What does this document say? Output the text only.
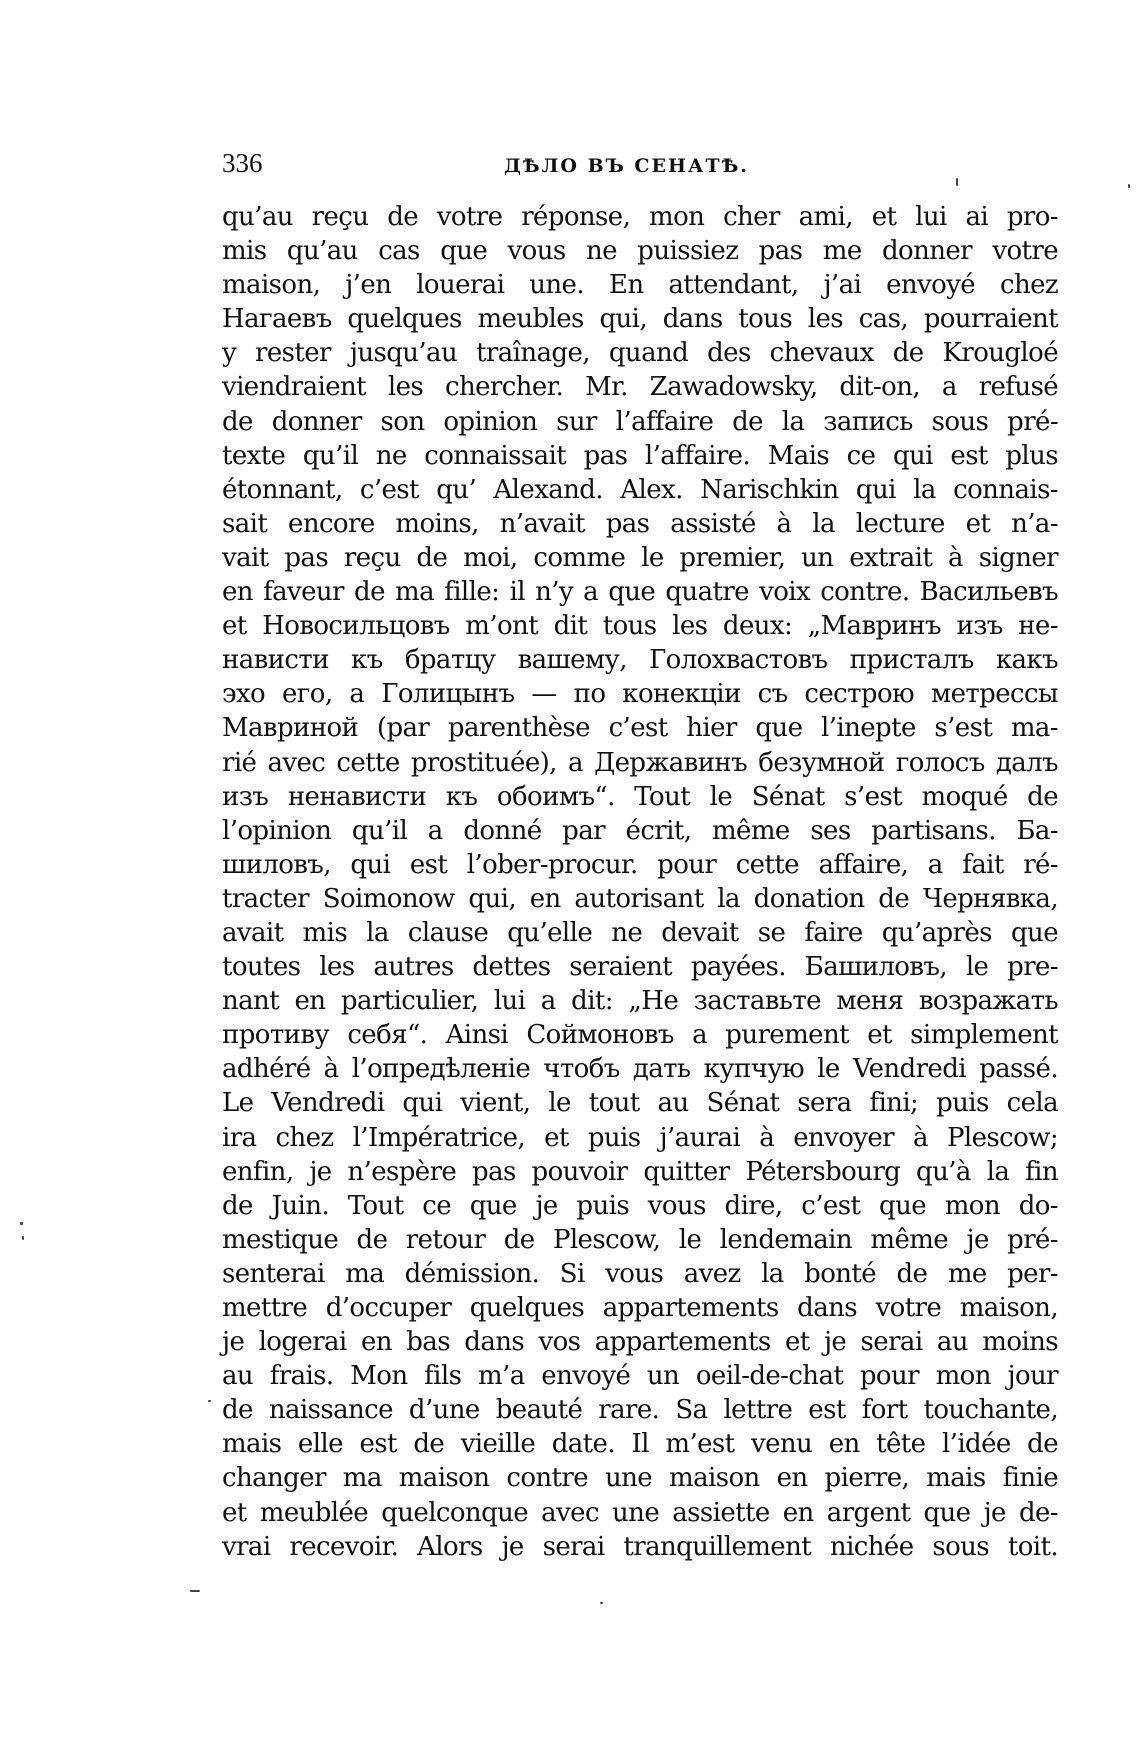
336	ДѢЛО ВЪ СЕНАТѢ.
qu’au reçu de votre réponse, mon cher ami, et lui ai pro-
mis qu’au cas que vous ne puissiez pas me donner votre
maison, j’en louerai une. En attendant, j’ai envoyé chez
Нагаевъ quelques meubles qui, dans tous les cas, pourraient
y rester jusqu’au traînage, quand des chevaux de Krougloé
viendraient les chercher. Mr. Zawadowsky, dit-on, a refusé
de donner son opinion sur l’affaire de la запись sous pré-
texte qu’il ne connaissait pas l’affaire. Mais ce qui est plus
étonnant, c’est qu’ Alexand. Alex. Narischkin qui la connais-
sait encore moins, n’avait pas assisté à la lecture et n’a-
vait pas reçu de moi, comme le premier, un extrait à signer
en faveur de ma fille: il n’y a que quatre voix contre. Васильевъ
et Новосильцовъ m’ont dit tous les deux: „Мавринъ изъ не-
нависти къ братцу вашему, Голохвастовъ присталъ какъ
эхо его, а Голицынъ — по конекціи съ сестрою метрессы
Мавриной (par parenthèse c’est hier que l’inepte s’est ma-
rié avec cette prostituée), а Державинъ безумной голосъ далъ
изъ ненависти къ обоимъ“. Tout le Sénat s’est moqué de
l’opinion qu’il a donné par écrit, même ses partisans. Ба-
шиловъ, qui est l’ober-procur. pour cette affaire, a fait ré-
tracter Soimonow qui, en autorisant la donation de Чернявка,
avait mis la clause qu’elle ne devait se faire qu’après que
toutes les autres dettes seraient payées. Башиловъ, le pre-
nant en particulier, lui a dit: „Не заставьте меня возражать
противу себя“. Ainsi Соймоновъ a purement et simplement
adhéré à l’опредѣленіе чтобъ дать купчую le Vendredi passé.
Le Vendredi qui vient, le tout au Sénat sera fini; puis cela
ira chez l’Impératrice, et puis j’aurai à envoyer à Plescow;
enfin, je n’espère pas pouvoir quitter Pétersbourg qu’à la fin
de Juin. Tout ce que je puis vous dire, c’est que mon do-
mestique de retour de Plescow, le lendemain même je pré-
senterai ma démission. Si vous avez la bonté de me per-
mettre d’occuper quelques appartements dans votre maison,
je logerai en bas dans vos appartements et je serai au moins
au frais. Mon fils m’a envoyé un oeil-de-chat pour mon jour
de naissance d’une beauté rare. Sa lettre est fort touchante,
mais elle est de vieille date. Il m’est venu en tête l’idée de
changer ma maison contre une maison en pierre, mais finie
et meublée quelconque avec une assiette en argent que je de-
vrai recevoir. Alors je serai tranquillement nichée sous toit.
